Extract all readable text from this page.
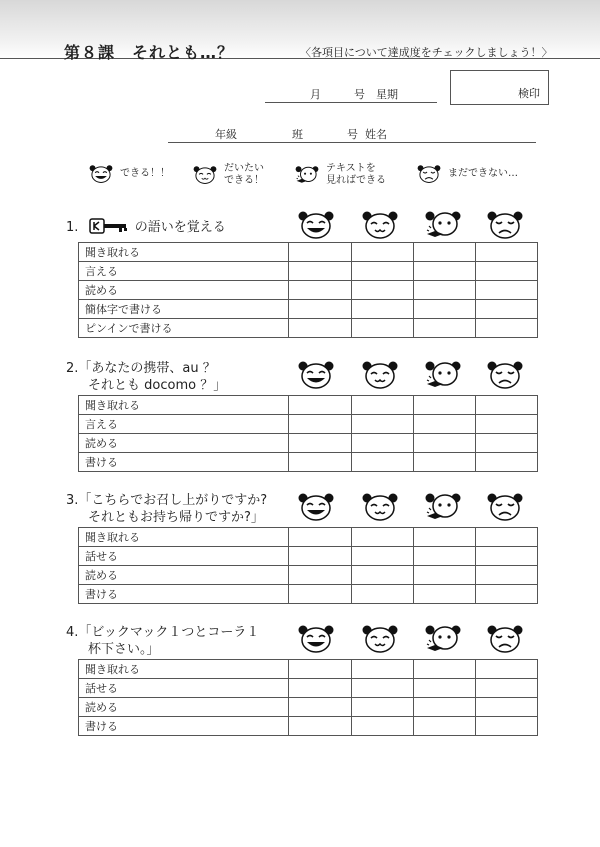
第８課　それとも…？	〈各項目について達成度をチェックしましょう！〉
月　　　号　星期	検印
年級　　　　　班　　　　号  姓名
できる！！	だいたい
できる！
テキストを
見ればできる
まだできない…
1.	の語いを覚える
聞き取れる				
言える				
読める				
簡体字で書ける				
ピンインで書ける				
2.「あなたの携帯、au ？
それとも docomo ？」
聞き取れる				
言える				
読める				
書ける				
3.「こちらでお召し上がりですか?
それともお持ち帰りですか?」
聞き取れる				
話せる				
読める				
書ける				
4.「ビックマック１つとコーラ１
杯下さい。」
聞き取れる				
話せる				
読める				
書ける				
